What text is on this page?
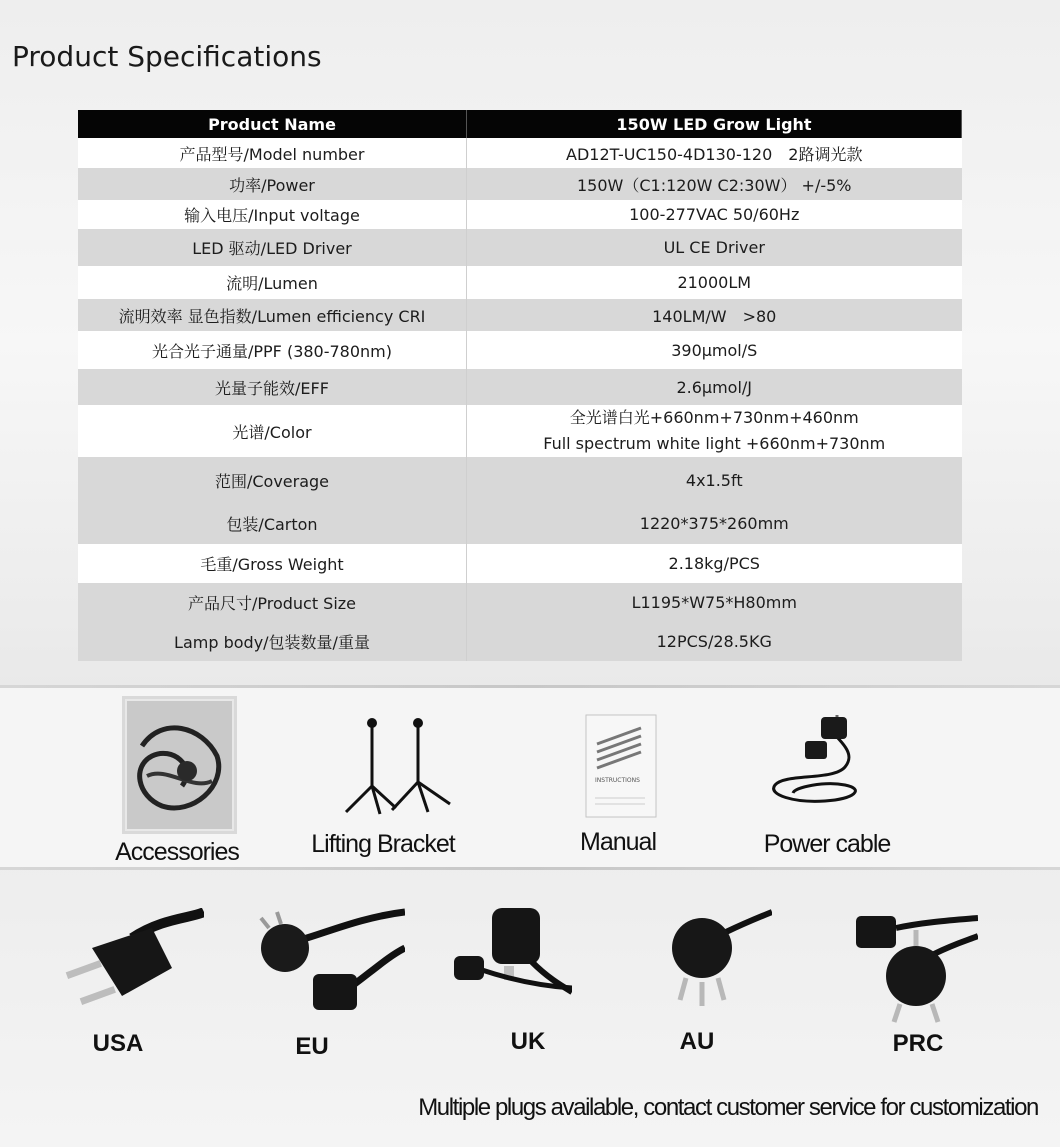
Product Specifications
Product Name	150W LED Grow Light
产品型号/Model number	AD12T-UC150-4D130-120　2路调光款
功率/Power	150W（C1:120W C2:30W） +/-5%
输入电压/Input voltage	100-277VAC 50/60Hz
LED 驱动/LED Driver	UL CE Driver
流明/Lumen	21000LM
流明效率 显色指数/Lumen efficiency CRI	140LM/W　>80
光合光子通量/PPF (380-780nm)	390μmol/S
光量子能效/EFF	2.6μmol/J
光谱/Color	全光谱白光+660nm+730nm+460nm
Full spectrum white light +660nm+730nm

范围/Coverage	4x1.5ft
包装/Carton	1220*375*260mm
毛重/Gross Weight	2.18kg/PCS
产品尺寸/Product Size	L1195*W75*H80mm
Lamp body/包装数量/重量	12PCS/28.5KG
Accessories	Lifting Bracket
INSTRUCTIONS
Manual	Power cable
USA	EU	UK	AU	PRC
Multiple plugs available, contact customer service for customization
